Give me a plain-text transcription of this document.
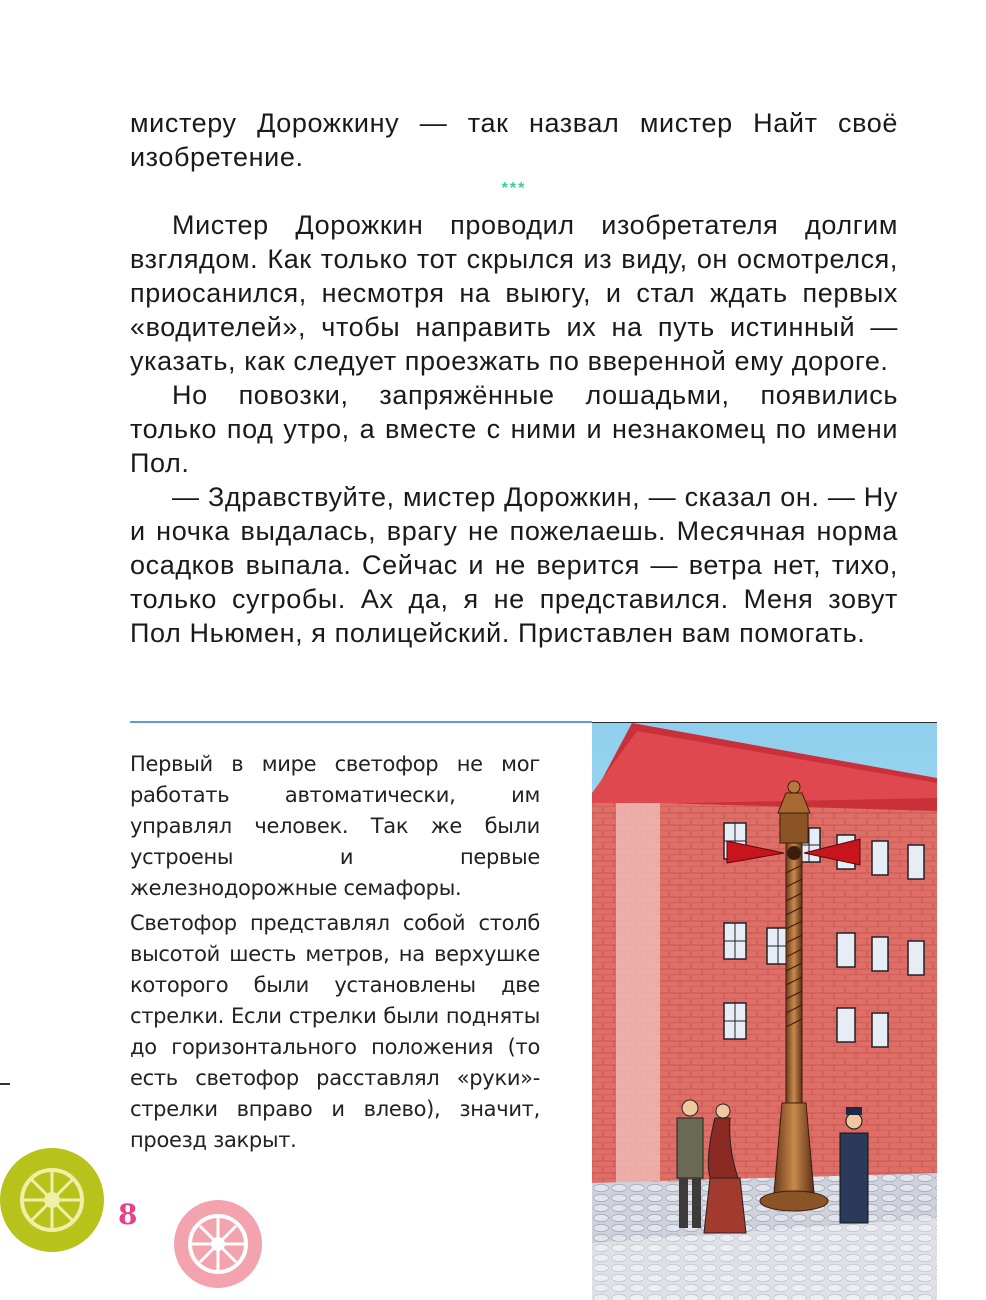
мистеру Дорожкину — так назвал мистер Найт своё изобретение.

***

Мистер Дорожкин проводил изобретателя долгим взглядом. Как только тот скрылся из виду, он осмотрелся, приосанился, несмотря на выюгу, и стал ждать первых «водителей», чтобы направить их на путь истинный — указать, как следует проезжать по вверенной ему дороге.

Но повозки, запряжённые лошадьми, появились только под утро, а вместе с ними и незнакомец по имени Пол.

— Здравствуйте, мистер Дорожкин, — сказал он. — Ну и ночка выдалась, врагу не пожелаешь. Месячная норма осадков выпала. Сейчас и не верится — ветра нет, тихо, только сугробы. Ах да, я не представился. Меня зовут Пол Ньюмен, я полицейский. Приставлен вам помогать.

Первый в мире светофор не мог работать автоматически, им управлял человек. Так же были устроены и первые железнодорожные семафоры.

Светофор представлял собой столб высотой шесть метров, на верхушке которого были установлены две стрелки. Если стрелки были подняты до горизонтального положения (то есть светофор расставлял «руки»-стрелки вправо и влево), значит, проезд закрыт.

8
